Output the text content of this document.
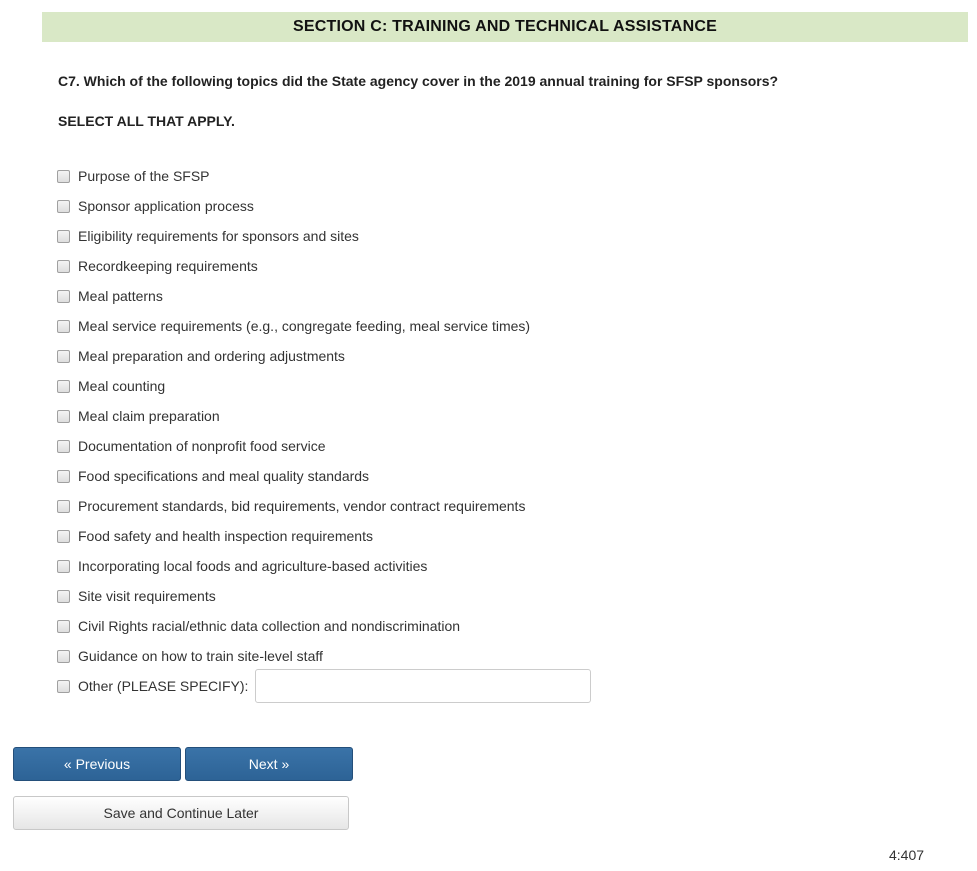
SECTION C: TRAINING AND TECHNICAL ASSISTANCE
C7. Which of the following topics did the State agency cover in the 2019 annual training for SFSP sponsors?
SELECT ALL THAT APPLY.
Purpose of the SFSP
Sponsor application process
Eligibility requirements for sponsors and sites
Recordkeeping requirements
Meal patterns
Meal service requirements (e.g., congregate feeding, meal service times)
Meal preparation and ordering adjustments
Meal counting
Meal claim preparation
Documentation of nonprofit food service
Food specifications and meal quality standards
Procurement standards, bid requirements, vendor contract requirements
Food safety and health inspection requirements
Incorporating local foods and agriculture-based activities
Site visit requirements
Civil Rights racial/ethnic data collection and nondiscrimination
Guidance on how to train site-level staff
Other (PLEASE SPECIFY):
« Previous	Next »
Save and Continue Later
4:407
